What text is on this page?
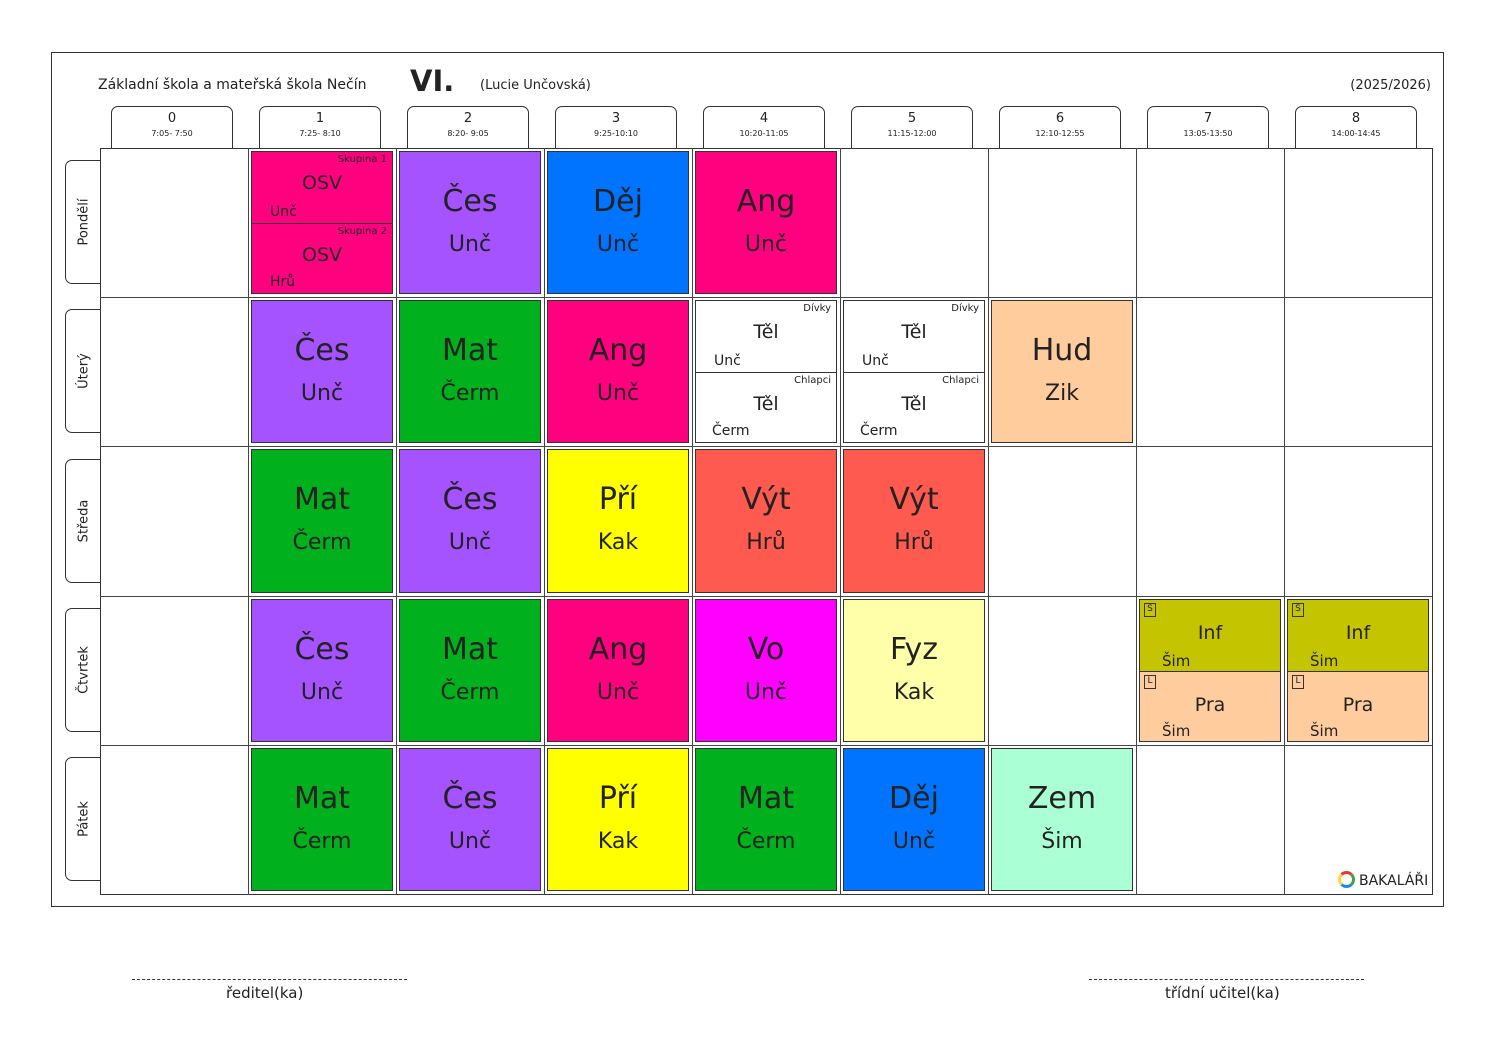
Základní škola a mateřská škola Nečín VI. (Lucie Unčovská)	(2025/2026)
0
7:05- 7:50
1
7:25- 8:10
2
8:20- 9:05
3
9:25-10:10
4
10:20-11:05
5
11:15-12:00
6
12:10-12:55
7
13:05-13:50
8
14:00-14:45
Pondělí
Úterý
Středa
Čtvrtek
Pátek
Skupina 1
OSV
Unč
Skupina 2
OSV
Hrů
Čes
Unč
Děj
Unč
Ang
Unč
Čes
Unč
Mat
Čerm
Ang
Unč
Dívky
Těl
Unč
Chlapci
Těl
Čerm
Dívky
Těl
Unč
Chlapci
Těl
Čerm
Hud
Zik
Mat
Čerm
Čes
Unč
Pří
Kak
Výt
Hrů
Výt
Hrů
Čes
Unč
Mat
Čerm
Ang
Unč
Vo
Unč
Fyz
Kak
S
Inf
Šim
L
Pra
Šim
S
Inf
Šim
L
Pra
Šim
Mat
Čerm
Čes
Unč
Pří
Kak
Mat
Čerm
Děj
Unč
Zem
Šim
BAKALÁŘI
ředitel(ka)	třídní učitel(ka)
